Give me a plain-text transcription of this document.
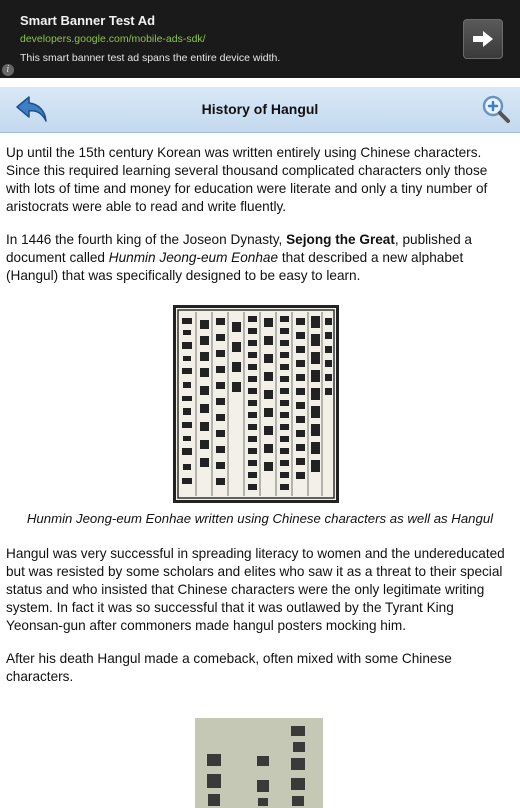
Smart Banner Test Ad
developers.google.com/mobile-ads-sdk/
This smart banner test ad spans the entire device width.
i
History of Hangul

Up until the 15th century Korean was written entirely using Chinese characters. Since this required learning several thousand complicated characters only those with lots of time and money for education were literate and only a tiny number of aristocrats were able to read and write fluently.

In 1446 the fourth king of the Joseon Dynasty, Sejong the Great, published a document called Hunmin Jeong-eum Eonhae that described a new alphabet (Hangul) that was specifically designed to be easy to learn.

Hunmin Jeong-eum Eonhae written using Chinese characters as well as Hangul

Hangul was very successful in spreading literacy to women and the undereducated but was resisted by some scholars and elites who saw it as a threat to their special status and who insisted that Chinese characters were the only legitimate writing system. In fact it was so successful that it was outlawed by the Tyrant King Yeonsan-gun after commoners made hangul posters mocking him.

After his death Hangul made a comeback, often mixed with some Chinese characters.
